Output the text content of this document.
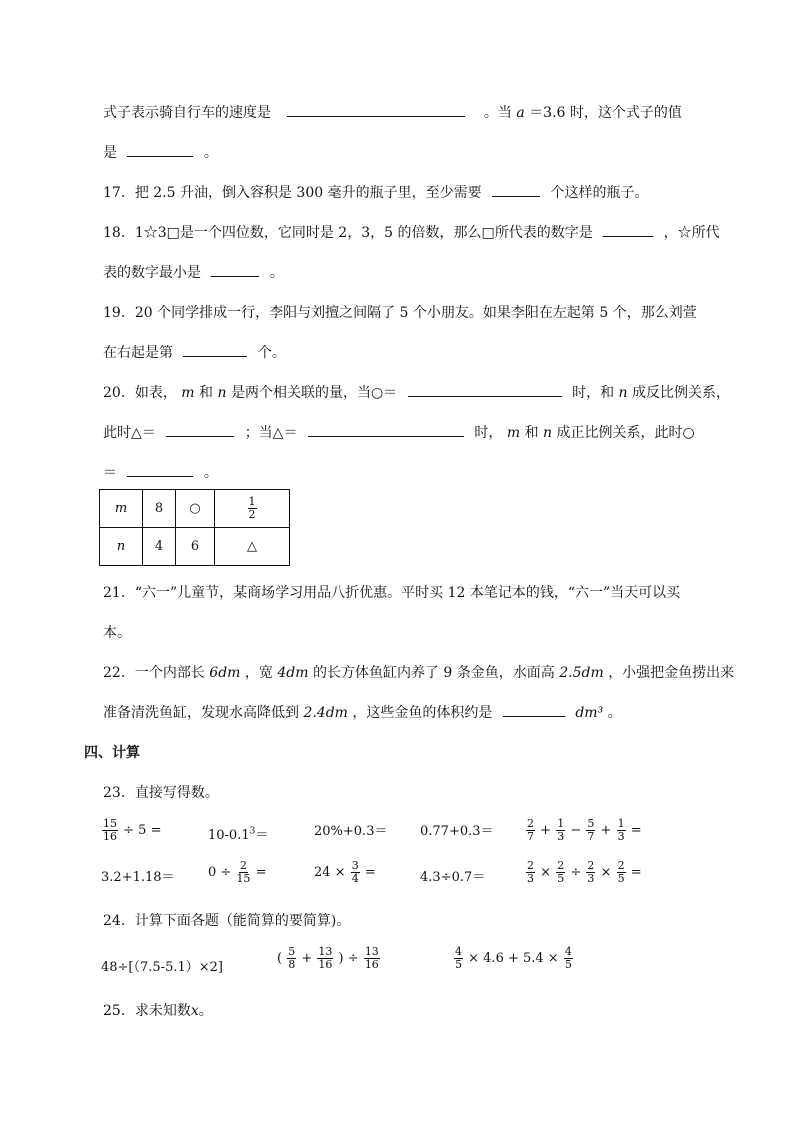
式子表示骑自行车的速度是	。当 a ＝3.6 时，这个式子的值
是	。
17．把 2.5 升油，倒入容积是 300 毫升的瓶子里，至少需要	个这样的瓶子。
18．1☆3□是一个四位数，它同时是 2，3，5 的倍数，那么□所代表的数字是	，☆所代
表的数字最小是	。
19．20 个同学排成一行，李阳与刘擅之间隔了 5 个小朋友。如果李阳在左起第 5 个，那么刘萱
在右起是第	个。
20．如表， m 和 n 是两个相关联的量，当○＝	时，和 n 成反比例关系，
此时△＝	；当△＝	时， m 和 n 成正比例关系，此时○
＝	。
m	8	○	$\frac{1}{2}$

n	4	6	△
21．“六一”儿童节，某商场学习用品八折优惠。平时买 12 本笔记本的钱，“六一”当天可以买
本。
22．一个内部长 6dm ，宽 4dm 的长方体鱼缸内养了 9 条金鱼，水面高 2.5dm ，小强把金鱼捞出来
准备清洗鱼缸，发现水高降低到 2.4dm ，这些金鱼的体积约是	dm³ 。
四、计算
23．直接写得数。
$\frac{15}{16} \div 5$ =	$10-0.1^3=$	20%+0.3＝	0.77+0.3＝	$\frac{2}{7} + \frac{1}{3} - \frac{5}{7} + \frac{1}{3}$ =
3.2+1.18＝	$0 \div \frac{2}{15}$ =	$24 \times \frac{3}{4}$ =	4.3÷0.7＝	$\frac{2}{3} \times \frac{2}{5} \div \frac{2}{3} \times \frac{2}{5}$ =
24．计算下面各题（能简算的要简算)。
48÷[（7.5-5.1）×2]
( $\frac{5}{8} + \frac{13}{16}$ ) ÷ $\frac{13}{16}$	$\frac{4}{5} \times 4.6 + 5.4 \times \frac{4}{5}$
25．求未知数x。
